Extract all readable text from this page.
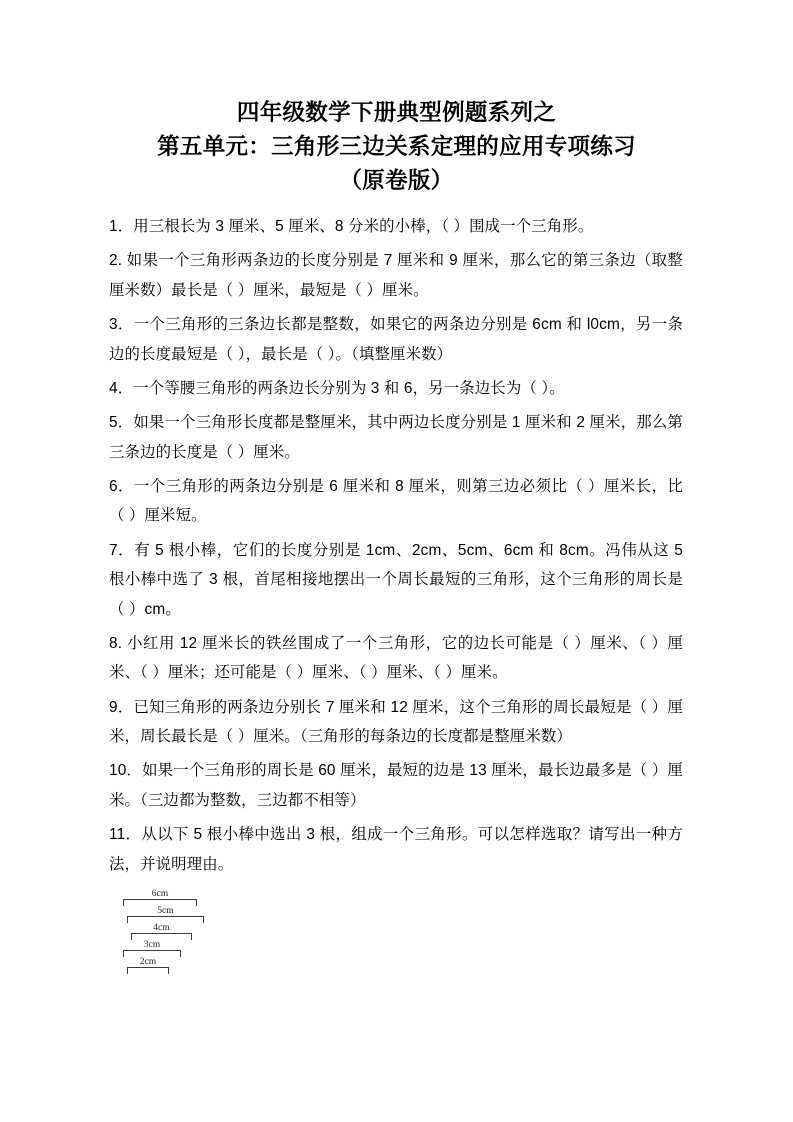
四年级数学下册典型例题系列之
第五单元：三角形三边关系定理的应用专项练习
（原卷版）

1．用三根长为 3 厘米、5 厘米、8 分米的小棒，（ ）围成一个三角形。

2. 如果一个三角形两条边的长度分别是 7 厘米和 9 厘米，那么它的第三条边（取整厘米数）最长是（ ）厘米，最短是（ ）厘米。

3．一个三角形的三条边长都是整数，如果它的两条边分别是 6cm 和 l0cm，另一条边的长度最短是（ ），最长是（ ）。（填整厘米数）

4．一个等腰三角形的两条边长分别为 3 和 6，另一条边长为（ ）。

5．如果一个三角形长度都是整厘米，其中两边长度分别是 1 厘米和 2 厘米，那么第三条边的长度是（ ）厘米。

6．一个三角形的两条边分别是 6 厘米和 8 厘米，则第三边必须比（ ）厘米长，比（ ）厘米短。

7．有 5 根小棒，它们的长度分别是 1cm、2cm、5cm、6cm 和 8cm。冯伟从这 5 根小棒中选了 3 根，首尾相接地摆出一个周长最短的三角形，这个三角形的周长是（ ）cm。

8. 小红用 12 厘米长的铁丝围成了一个三角形，它的边长可能是（ ）厘米、（ ）厘米、（ ）厘米；还可能是（ ）厘米、（ ）厘米、（ ）厘米。

9．已知三角形的两条边分别长 7 厘米和 12 厘米，这个三角形的周长最短是（ ）厘米，周长最长是（ ）厘米。（三角形的每条边的长度都是整厘米数）

10．如果一个三角形的周长是 60 厘米，最短的边是 13 厘米，最长边最多是（ ）厘米。（三边都为整数，三边都不相等）

11．从以下 5 根小棒中选出 3 根，组成一个三角形。可以怎样选取？请写出一种方法，并说明理由。

6cm
5cm
4cm
3cm
2cm
